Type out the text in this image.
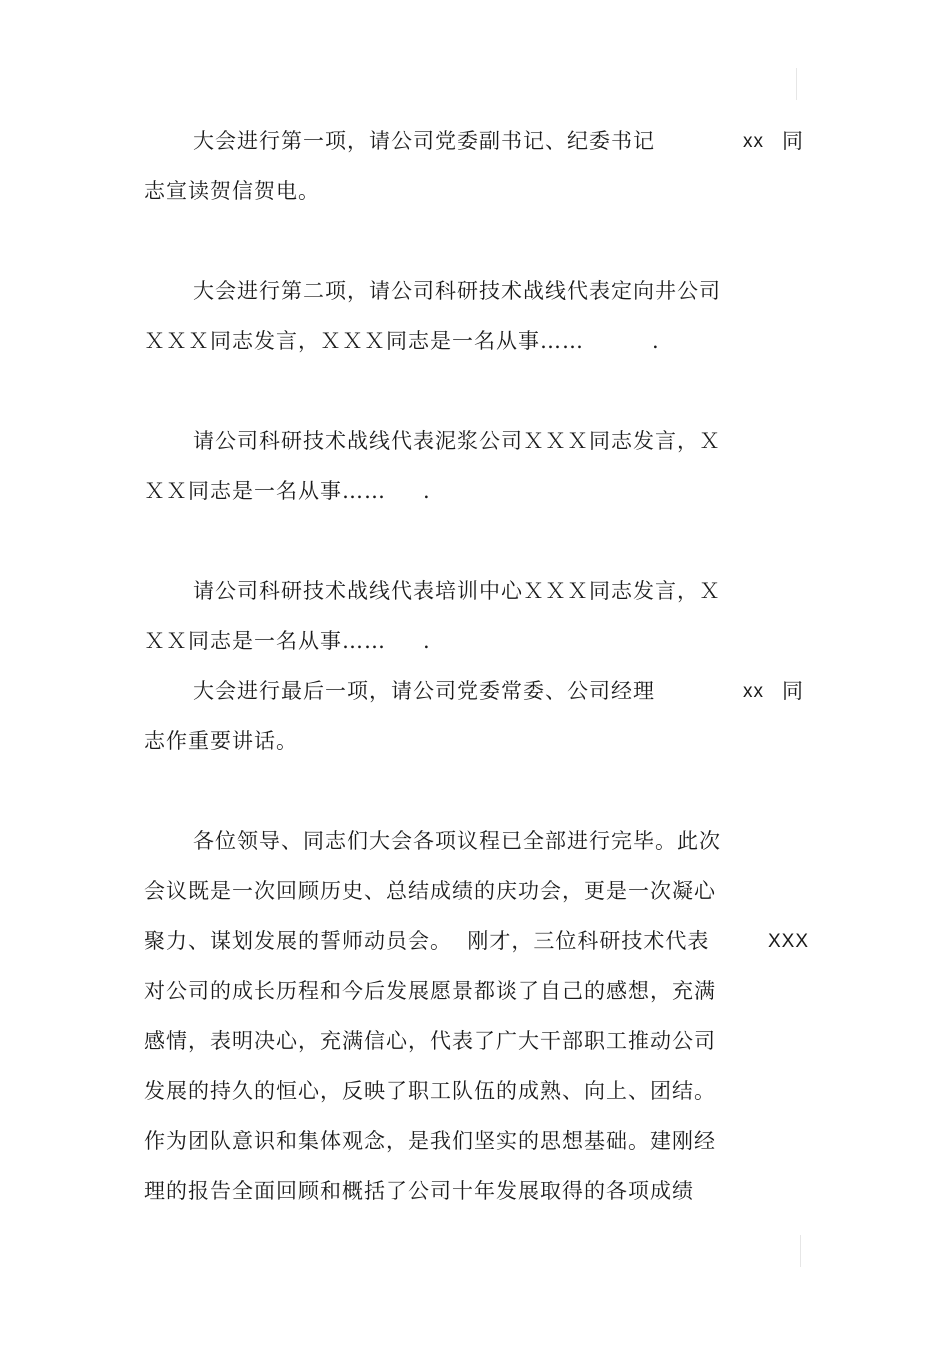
大会进行第一项，请公司党委副书记、纪委书记	xx 同
志宣读贺信贺电。
大会进行第二项，请公司科研技术战线代表定向井公司
ＸＸＸ同志发言，ＸＸＸ同志是一名从事……	.
请公司科研技术战线代表泥浆公司ＸＸＸ同志发言，Ｘ
ＸＸ同志是一名从事…… .
请公司科研技术战线代表培训中心ＸＸＸ同志发言，Ｘ
ＸＸ同志是一名从事…… .
大会进行最后一项，请公司党委常委、公司经理	xx 同
志作重要讲话。
各位领导、同志们大会各项议程已全部进行完毕。此次
会议既是一次回顾历史、总结成绩的庆功会，更是一次凝心
聚力、谋划发展的誓师动员会。  刚才，三位科研技术代表	XXX
对公司的成长历程和今后发展愿景都谈了自己的感想，充满
感情，表明决心，充满信心，代表了广大干部职工推动公司
发展的持久的恒心，反映了职工队伍的成熟、向上、团结。
作为团队意识和集体观念，是我们坚实的思想基础。建刚经
理的报告全面回顾和概括了公司十年发展取得的各项成绩
